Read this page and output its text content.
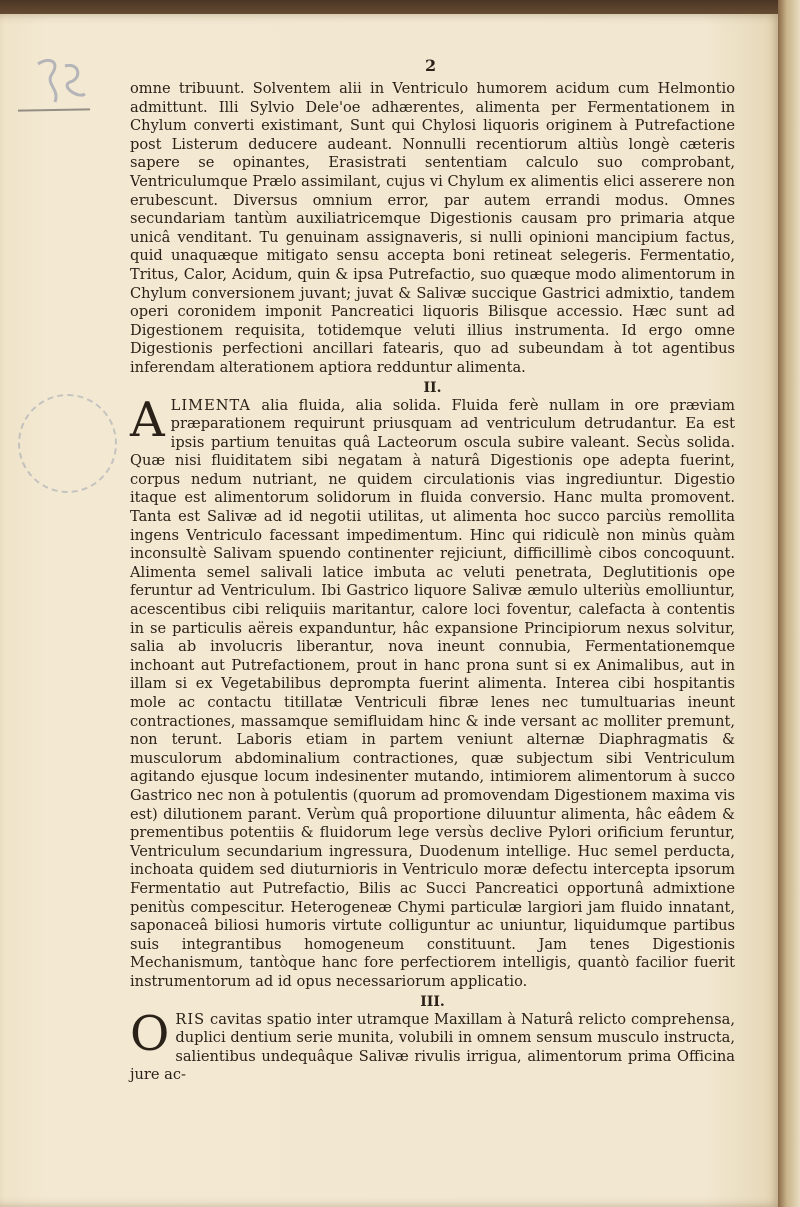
2

omne tribuunt. Solventem alii in Ventriculo humorem acidum cum Helmontio admittunt. Illi Sylvio Dele'oe adhærentes, alimenta per Fermentationem in Chylum converti existimant, Sunt qui Chylosi liquoris originem à Putrefactione post Listerum deducere audeant. Nonnulli recentiorum altiùs longè cæteris sapere se opinantes, Erasistrati sententiam calculo suo comprobant, Ventriculumque Prælo assimilant, cujus vi Chylum ex alimentis elici asserere non erubescunt. Diversus omnium error, par autem errandi modus. Omnes secundariam tantùm auxiliatricemque Digestionis causam pro primaria atque unicâ venditant. Tu genuinam assignaveris, si nulli opinioni mancipium factus, quid unaquæque mitigato sensu accepta boni retineat selegeris. Fermentatio, Tritus, Calor, Acidum, quin & ipsa Putrefactio, suo quæque modo alimentorum in Chylum conversionem juvant; juvat & Salivæ succique Gastrici admixtio, tandem operi coronidem imponit Pancreatici liquoris Bilisque accessio. Hæc sunt ad Digestionem requisita, totidemque veluti illius instrumenta. Id ergo omne Digestionis perfectioni ancillari fatearis, quo ad subeundam à tot agentibus inferendam alterationem aptiora redduntur alimenta.

II.

ALIMENTA alia fluida, alia solida. Fluida ferè nullam in ore præviam præparationem requirunt priusquam ad ventriculum detrudantur. Ea est ipsis partium tenuitas quâ Lacteorum oscula subire valeant. Secùs solida. Quæ nisi fluiditatem sibi negatam à naturâ Digestionis ope adepta fuerint, corpus nedum nutriant, ne quidem circulationis vias ingrediuntur. Digestio itaque est alimentorum solidorum in fluida conversio. Hanc multa promovent. Tanta est Salivæ ad id negotii utilitas, ut alimenta hoc succo parciùs remollita ingens Ventriculo facessant impedimentum. Hinc qui ridiculè non minùs quàm inconsultè Salivam spuendo continenter rejiciunt, difficillimè cibos concoquunt. Alimenta semel salivali latice imbuta ac veluti penetrata, Deglutitionis ope feruntur ad Ventriculum. Ibi Gastrico liquore Salivæ æmulo ulteriùs emolliuntur, acescentibus cibi reliquiis maritantur, calore loci foventur, calefacta à contentis in se particulis aëreis expanduntur, hâc expansione Principiorum nexus solvitur, salia ab involucris liberantur, nova ineunt connubia, Fermentationemque inchoant aut Putrefactionem, prout in hanc prona sunt si ex Animalibus, aut in illam si ex Vegetabilibus deprompta fuerint alimenta. Interea cibi hospitantis mole ac contactu titillatæ Ventriculi fibræ lenes nec tumultuarias ineunt contractiones, massamque semifluidam hinc & inde versant ac molliter premunt, non terunt. Laboris etiam in partem veniunt alternæ Diaphragmatis & musculorum abdominalium contractiones, quæ subjectum sibi Ventriculum agitando ejusque locum indesinenter mutando, intimiorem alimentorum à succo Gastrico nec non à potulentis (quorum ad promovendam Digestionem maxima vis est) dilutionem parant. Verùm quâ proportione diluuntur alimenta, hâc eâdem & prementibus potentiis & fluidorum lege versùs declive Pylori orificium feruntur, Ventriculum secundarium ingressura, Duodenum intellige. Huc semel perducta, inchoata quidem sed diuturnioris in Ventriculo moræ defectu intercepta ipsorum Fermentatio aut Putrefactio, Bilis ac Succi Pancreatici opportunâ admixtione penitùs compescitur. Heterogeneæ Chymi particulæ largiori jam fluido innatant, saponaceâ biliosi humoris virtute colliguntur ac uniuntur, liquidumque partibus suis integrantibus homogeneum constituunt. Jam tenes Digestionis Mechanismum, tantòque hanc fore perfectiorem intelligis, quantò facilior fuerit instrumentorum ad id opus necessariorum applicatio.

III.

ORIS cavitas spatio inter utramque Maxillam à Naturâ relicto comprehensa, duplici dentium serie munita, volubili in omnem sensum musculo instructa, salientibus undequâque Salivæ rivulis irrigua, alimentorum prima Officina jure ac-
